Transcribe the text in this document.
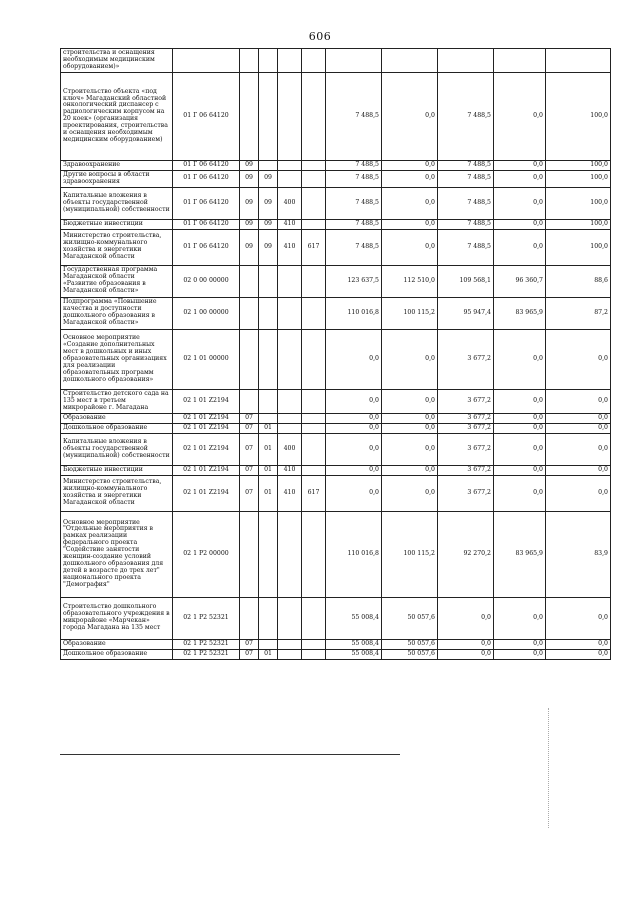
606
строительства и оснащения необходимым медицинским оборудованием)»										
Строительство объекта «под ключ» Магаданский областной онкологический диспансер с радиологическим корпусом на 20 коек» (организация проектирования, строительства и оснащения необходимым медицинским оборудованием)	01 Г 06 64120					7 488,5	0,0	7 488,5	0,0	100,0
Здравоохранение	01 Г 06 64120	09				7 488,5	0,0	7 488,5	0,0	100,0
Другие вопросы в области здравоохранения	01 Г 06 64120	09	09			7 488,5	0,0	7 488,5	0,0	100,0
Капитальные вложения в объекты государственной (муниципальной) собственности	01 Г 06 64120	09	09	400		7 488,5	0,0	7 488,5	0,0	100,0
Бюджетные инвестиции	01 Г 06 64120	09	09	410		7 488,5	0,0	7 488,5	0,0	100,0
Министерство строительства, жилищно-коммунального хозяйства и энергетики Магаданской области	01 Г 06 64120	09	09	410	617	7 488,5	0,0	7 488,5	0,0	100,0
Государственная программа Магаданской области «Развитие образования в Магаданской области»	02 0 00 00000					123 637,5	112 510,0	109 568,1	96 360,7	88,6
Подпрограмма «Повышение качества и доступности дошкольного образования в Магаданской области»	02 1 00 00000					110 016,8	100 115,2	95 947,4	83 965,9	87,2
Основное мероприятие «Создание дополнительных мест в дошкольных и иных образовательных организациях для реализации образовательных программ дошкольного образования»	02 1 01 00000					0,0	0,0	3 677,2	0,0	0,0
Строительство детского сада на 135 мест в третьем микрорайоне г. Магадана	02 1 01 Z2194					0,0	0,0	3 677,2	0,0	0,0
Образование	02 1 01 Z2194	07				0,0	0,0	3 677,2	0,0	0,0
Дошкольное образование	02 1 01 Z2194	07	01			0,0	0,0	3 677,2	0,0	0,0
Капитальные вложения в объекты государственной (муниципальной) собственности	02 1 01 Z2194	07	01	400		0,0	0,0	3 677,2	0,0	0,0
Бюджетные инвестиции	02 1 01 Z2194	07	01	410		0,0	0,0	3 677,2	0,0	0,0
Министерство строительства, жилищно-коммунального хозяйства и энергетики Магаданской области	02 1 01 Z2194	07	01	410	617	0,0	0,0	3 677,2	0,0	0,0
Основное мероприятие "Отдельные мероприятия в рамках реализации федерального проекта "Содействие занятости женщин-создание условий дошкольного образования для детей в возрасте до трех лет" национального проекта "Демография"	02 1 P2 00000					110 016,8	100 115,2	92 270,2	83 965,9	83,9
Строительство дошкольного образовательного учреждения в микрорайоне «Марчекан» города Магадана на 135 мест	02 1 P2 52321					55 008,4	50 057,6	0,0	0,0	0,0
Образование	02 1 P2 52321	07				55 008,4	50 057,6	0,0	0,0	0,0
Дошкольное образование	02 1 P2 52321	07	01			55 008,4	50 057,6	0,0	0,0	0,0
